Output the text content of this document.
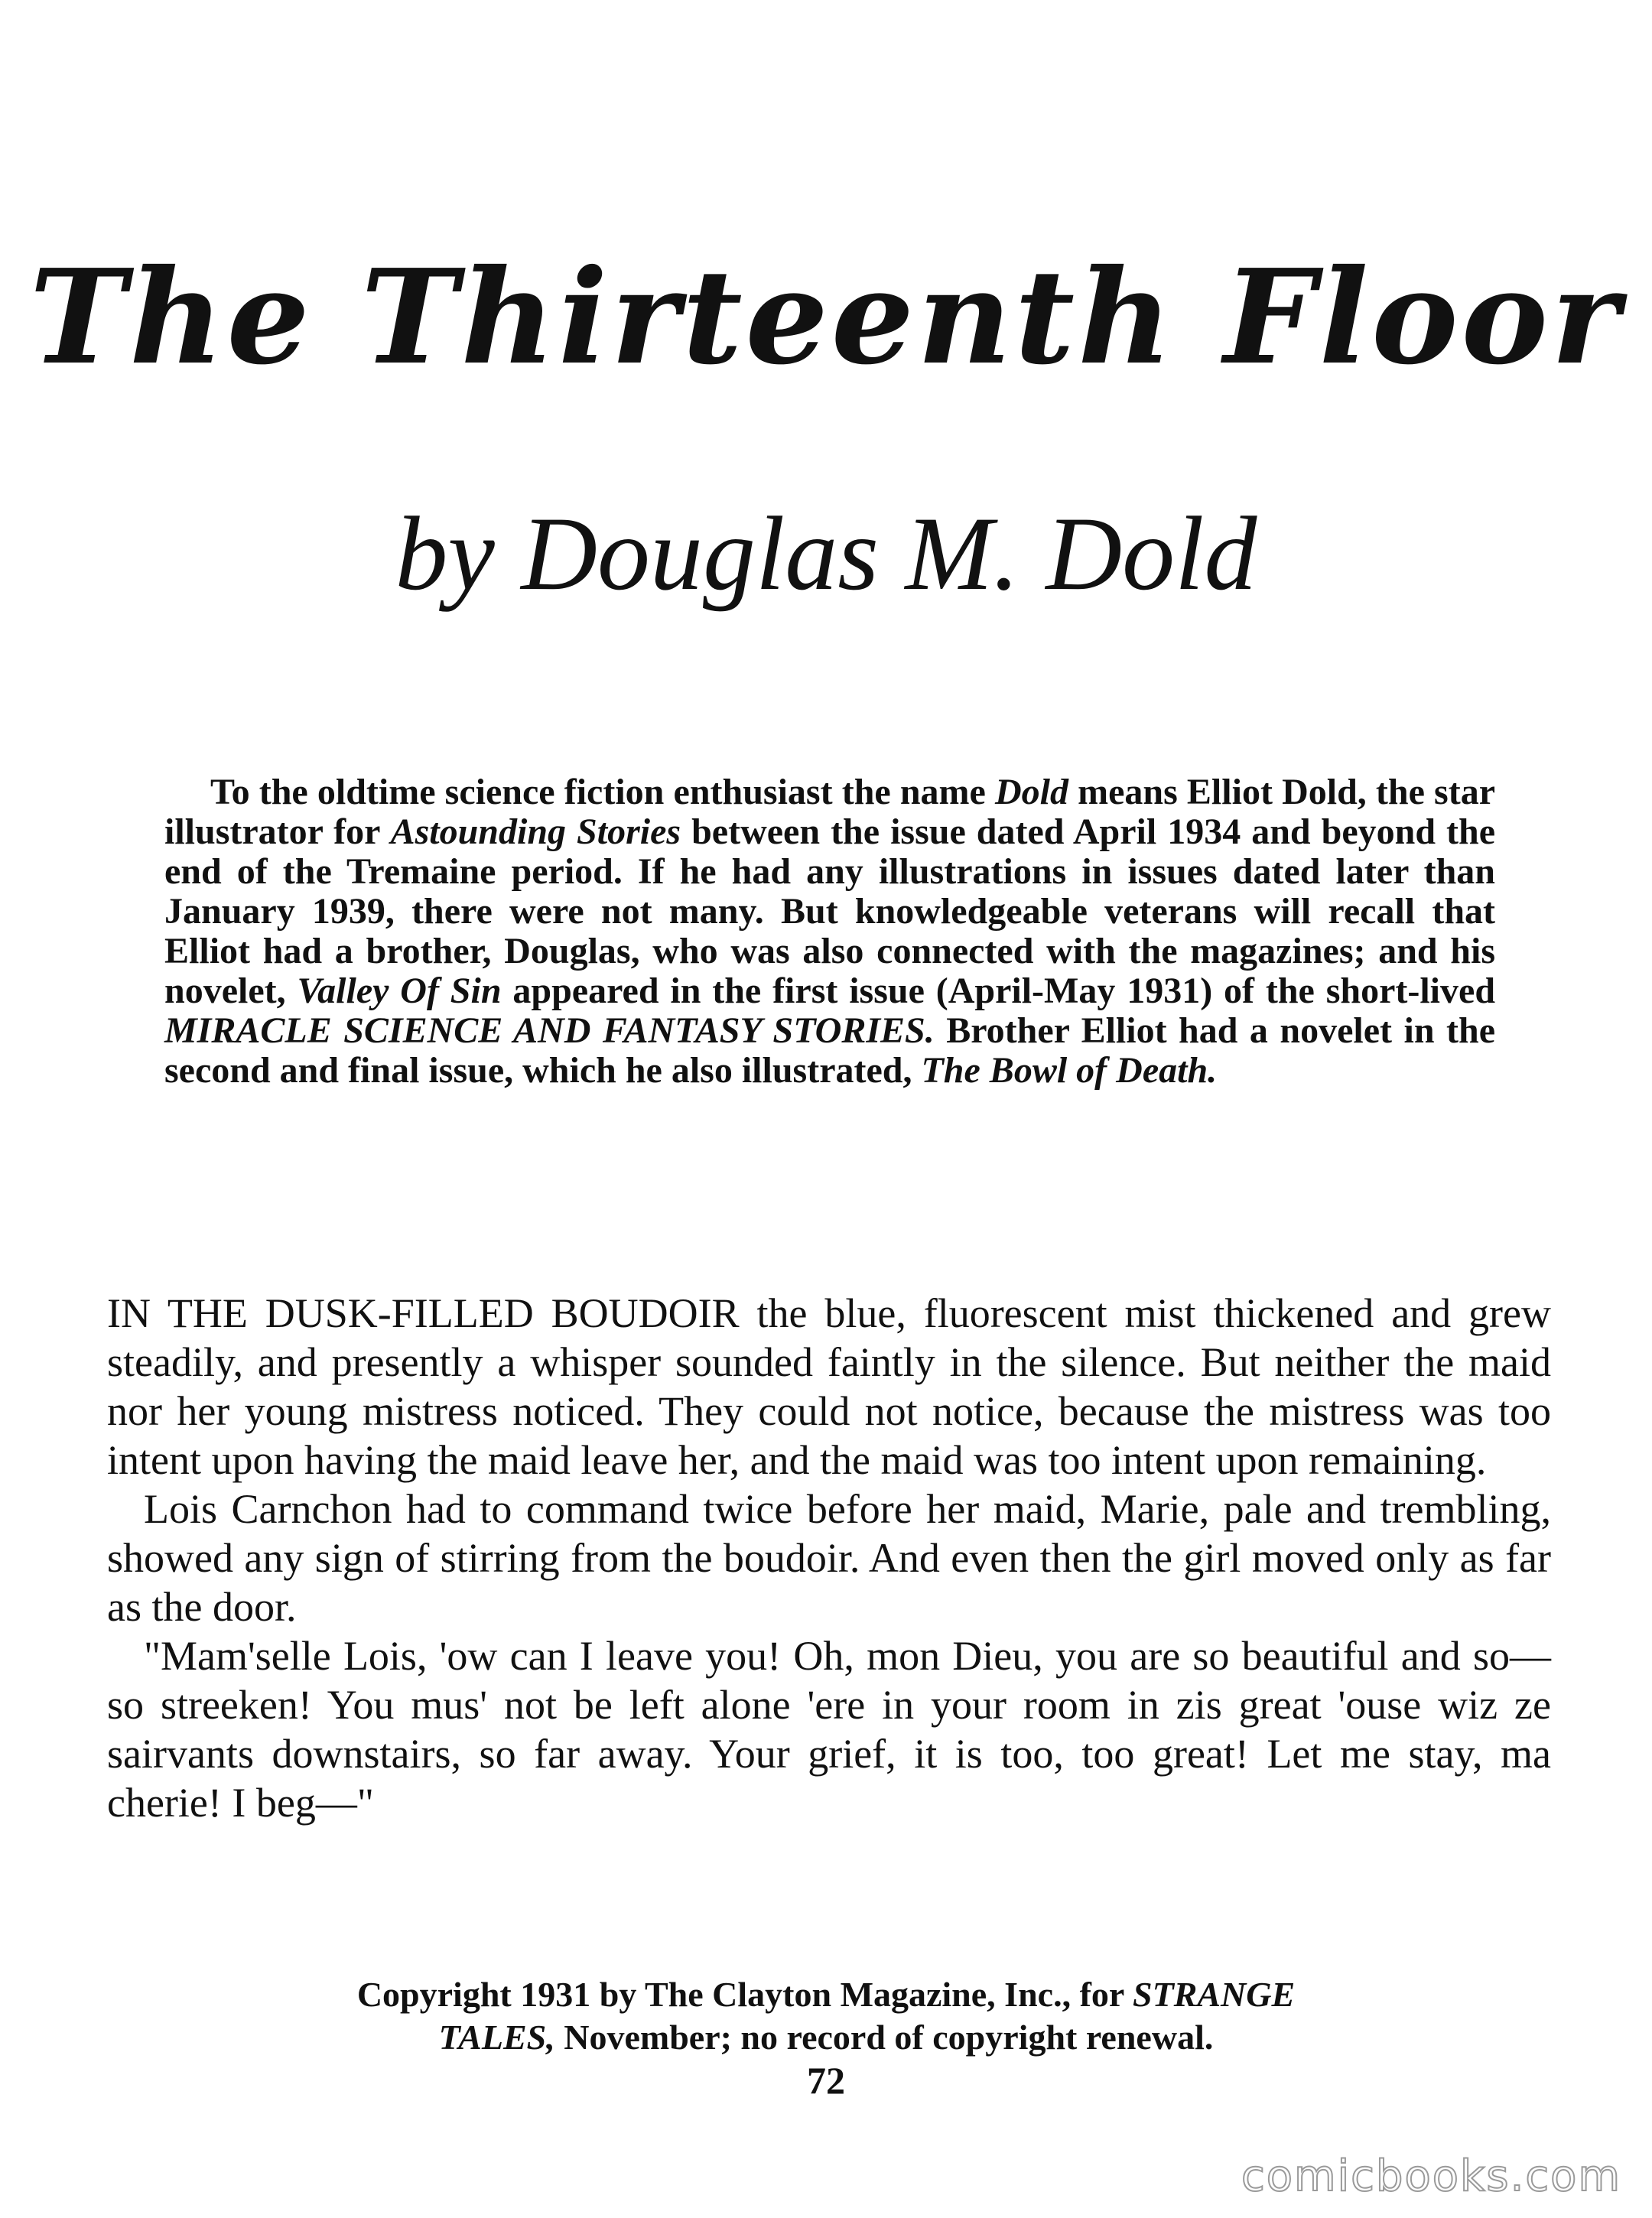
The Thirteenth Floor
by Douglas M. Dold

To the oldtime science fiction enthusiast the name Dold means Elliot Dold, the star illustrator for Astounding Stories between the issue dated April 1934 and beyond the end of the Tremaine period. If he had any illustrations in issues dated later than January 1939, there were not many. But knowledgeable veterans will recall that Elliot had a brother, Douglas, who was also connected with the magazines; and his novelet, Valley Of Sin appeared in the first issue (April-May 1931) of the short-lived MIRACLE SCIENCE AND FANTASY STORIES. Brother Elliot had a novelet in the second and final issue, which he also illustrated, The Bowl of Death.

IN THE DUSK-FILLED BOUDOIR the blue, fluorescent mist thickened and grew steadily, and presently a whisper sounded faintly in the silence. But neither the maid nor her young mistress noticed. They could not notice, because the mistress was too intent upon having the maid leave her, and the maid was too intent upon remaining.

Lois Carnchon had to command twice before her maid, Marie, pale and trembling, showed any sign of stirring from the boudoir. And even then the girl moved only as far as the door.

"Mam'selle Lois, 'ow can I leave you! Oh, mon Dieu, you are so beautiful and so—so streeken! You mus' not be left alone 'ere in your room in zis great 'ouse wiz ze sairvants downstairs, so far away. Your grief, it is too, too great! Let me stay, ma cherie! I beg—"

Copyright 1931 by The Clayton Magazine, Inc., for STRANGE
TALES, November; no record of copyright renewal.
72
comicbooks.com
